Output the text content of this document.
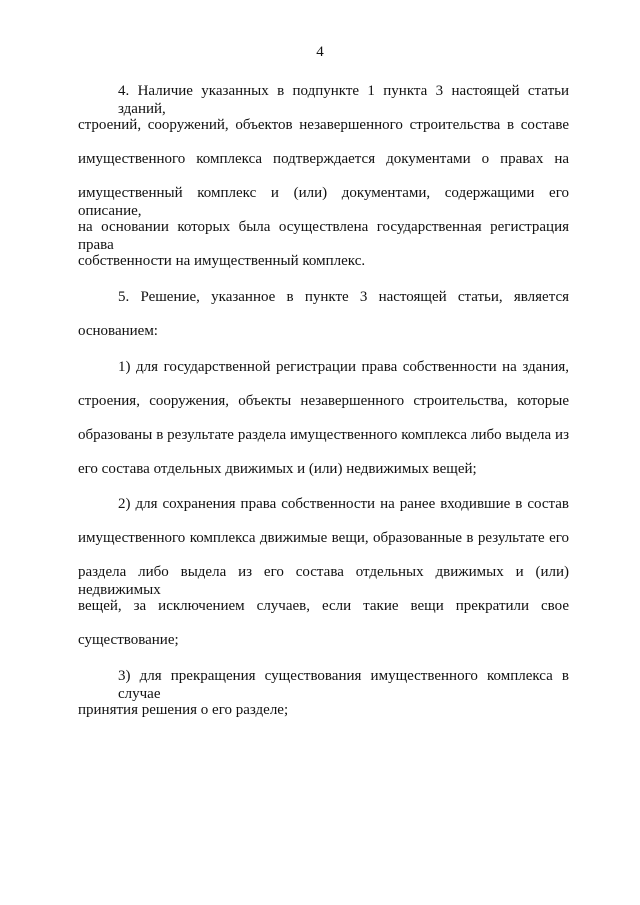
4
4. Наличие указанных в подпункте 1 пункта 3 настоящей статьи зданий,
строений, сооружений, объектов незавершенного строительства в составе
имущественного комплекса подтверждается документами о правах на
имущественный комплекс и (или) документами, содержащими его описание,
на основании которых была осуществлена государственная регистрация права
собственности на имущественный комплекс.
5. Решение, указанное в пункте 3 настоящей статьи, является
основанием:
1) для государственной регистрации права собственности на здания,
строения, сооружения, объекты незавершенного строительства, которые
образованы в результате раздела имущественного комплекса либо выдела из
его состава отдельных движимых и (или) недвижимых вещей;
2) для сохранения права собственности на ранее входившие в состав
имущественного комплекса движимые вещи, образованные в результате его
раздела либо выдела из его состава отдельных движимых и (или) недвижимых
вещей, за исключением случаев, если такие вещи прекратили свое
существование;
3) для прекращения существования имущественного комплекса в случае
принятия решения о его разделе;
